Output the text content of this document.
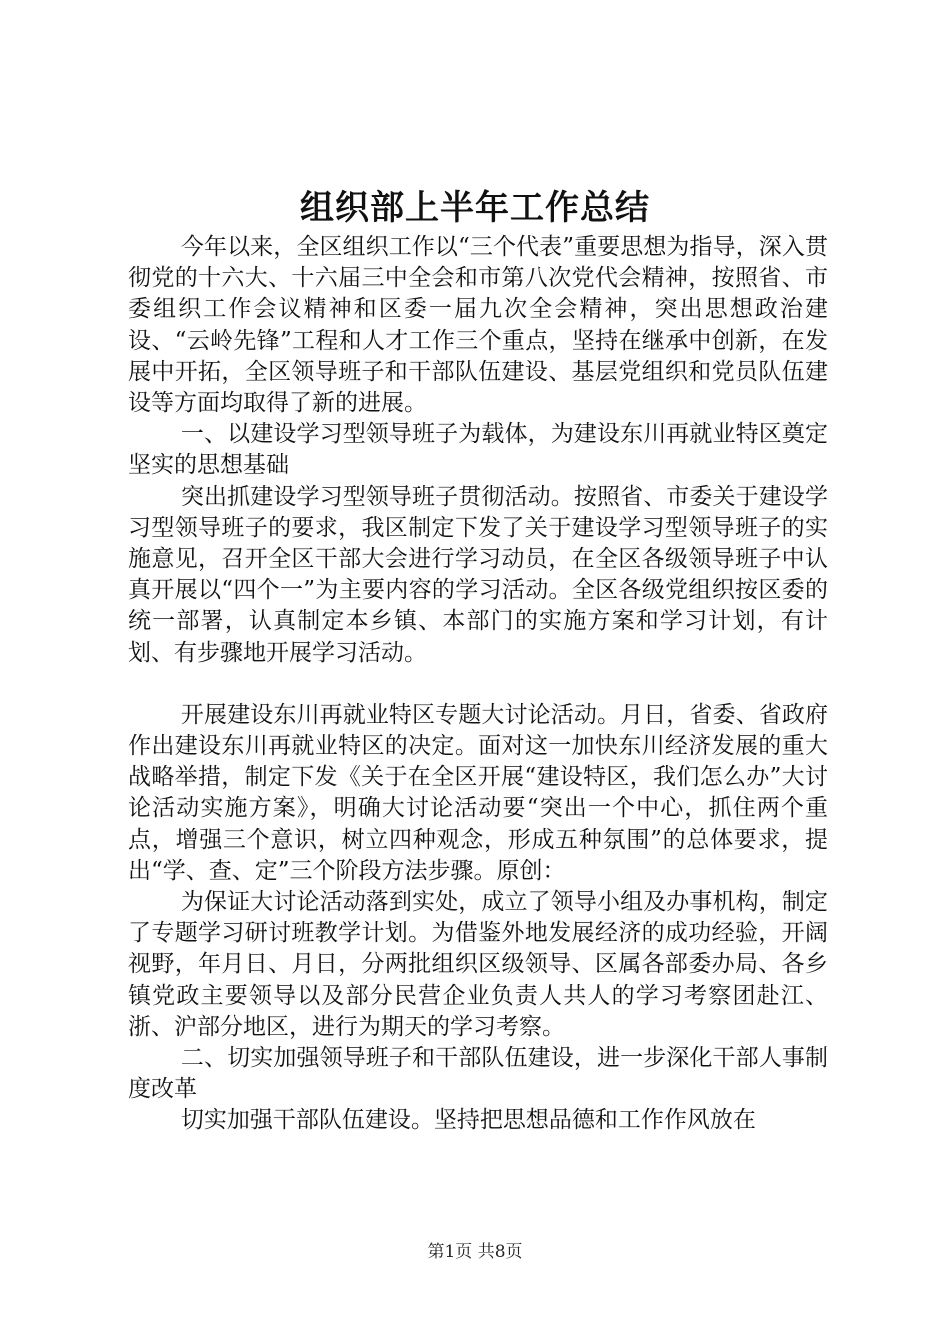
组织部上半年工作总结

今年以来，全区组织工作以“三个代表”重要思想为指导，深入贯彻党的十六大、十六届三中全会和市第八次党代会精神，按照省、市委组织工作会议精神和区委一届九次全会精神，突出思想政治建设、“云岭先锋”工程和人才工作三个重点，坚持在继承中创新，在发展中开拓，全区领导班子和干部队伍建设、基层党组织和党员队伍建设等方面均取得了新的进展。

一、以建设学习型领导班子为载体，为建设东川再就业特区奠定坚实的思想基础

突出抓建设学习型领导班子贯彻活动。按照省、市委关于建设学习型领导班子的要求，我区制定下发了关于建设学习型领导班子的实施意见，召开全区干部大会进行学习动员，在全区各级领导班子中认真开展以“四个一”为主要内容的学习活动。全区各级党组织按区委的统一部署，认真制定本乡镇、本部门的实施方案和学习计划，有计划、有步骤地开展学习活动。

开展建设东川再就业特区专题大讨论活动。月日，省委、省政府作出建设东川再就业特区的决定。面对这一加快东川经济发展的重大战略举措，制定下发《关于在全区开展“建设特区，我们怎么办”大讨论活动实施方案》，明确大讨论活动要“突出一个中心，抓住两个重点，增强三个意识，树立四种观念，形成五种氛围”的总体要求，提出“学、查、定”三个阶段方法步骤。原创：

为保证大讨论活动落到实处，成立了领导小组及办事机构，制定了专题学习研讨班教学计划。为借鉴外地发展经济的成功经验，开阔视野，年月日、月日，分两批组织区级领导、区属各部委办局、各乡镇党政主要领导以及部分民营企业负责人共人的学习考察团赴江、浙、沪部分地区，进行为期天的学习考察。

二、切实加强领导班子和干部队伍建设，进一步深化干部人事制度改革

切实加强干部队伍建设。坚持把思想品德和工作作风放在

第1页 共8页
